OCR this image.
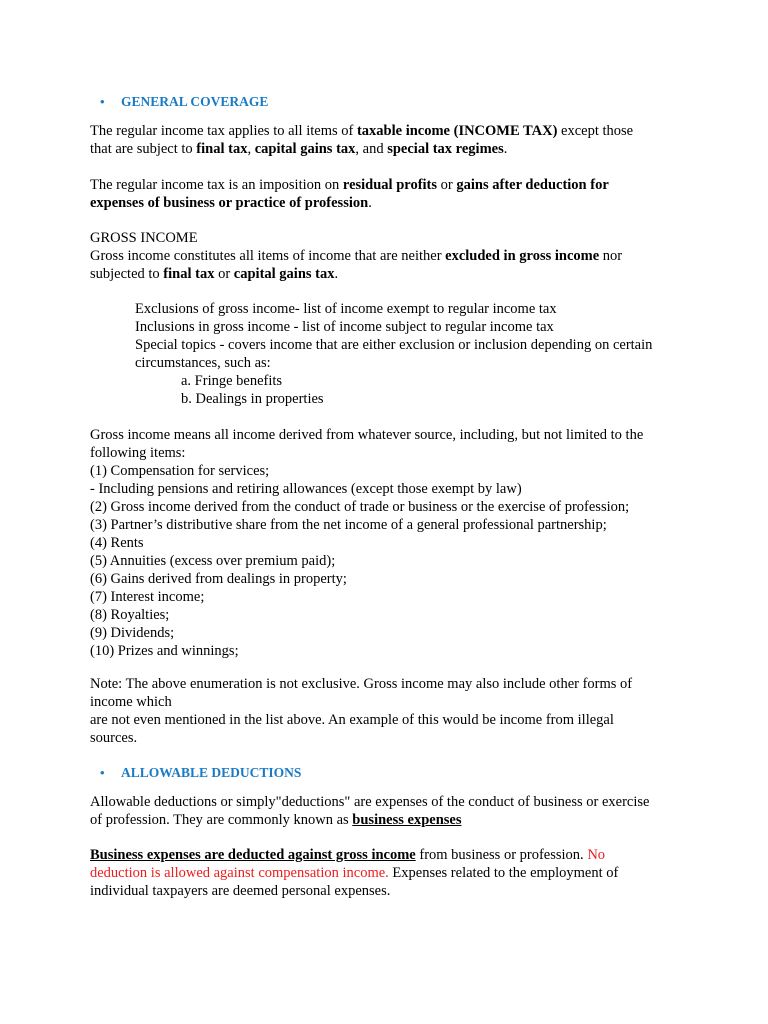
• GENERAL COVERAGE
The regular income tax applies to all items of taxable income (INCOME TAX) except those
that are subject to final tax, capital gains tax, and special tax regimes.
The regular income tax is an imposition on residual profits or gains after deduction for
expenses of business or practice of profession.
GROSS INCOME
Gross income constitutes all items of income that are neither excluded in gross income nor
subjected to final tax or capital gains tax.
Exclusions of gross income- list of income exempt to regular income tax
Inclusions in gross income - list of income subject to regular income tax
Special topics - covers income that are either exclusion or inclusion depending on certain
circumstances, such as:
a. Fringe benefits
b. Dealings in properties
Gross income means all income derived from whatever source, including, but not limited to the
following items:
(1) Compensation for services;
- Including pensions and retiring allowances (except those exempt by law)
(2) Gross income derived from the conduct of trade or business or the exercise of profession;
(3) Partner’s distributive share from the net income of a general professional partnership;
(4) Rents
(5) Annuities (excess over premium paid);
(6) Gains derived from dealings in property;
(7) Interest income;
(8) Royalties;
(9) Dividends;
(10) Prizes and winnings;
Note: The above enumeration is not exclusive. Gross income may also include other forms of
income which
are not even mentioned in the list above. An example of this would be income from illegal
sources.
• ALLOWABLE DEDUCTIONS
Allowable deductions or simply"deductions" are expenses of the conduct of business or exercise
of profession. They are commonly known as business expenses
Business expenses are deducted against gross income from business or profession. No
deduction is allowed against compensation income. Expenses related to the employment of
individual taxpayers are deemed personal expenses.
